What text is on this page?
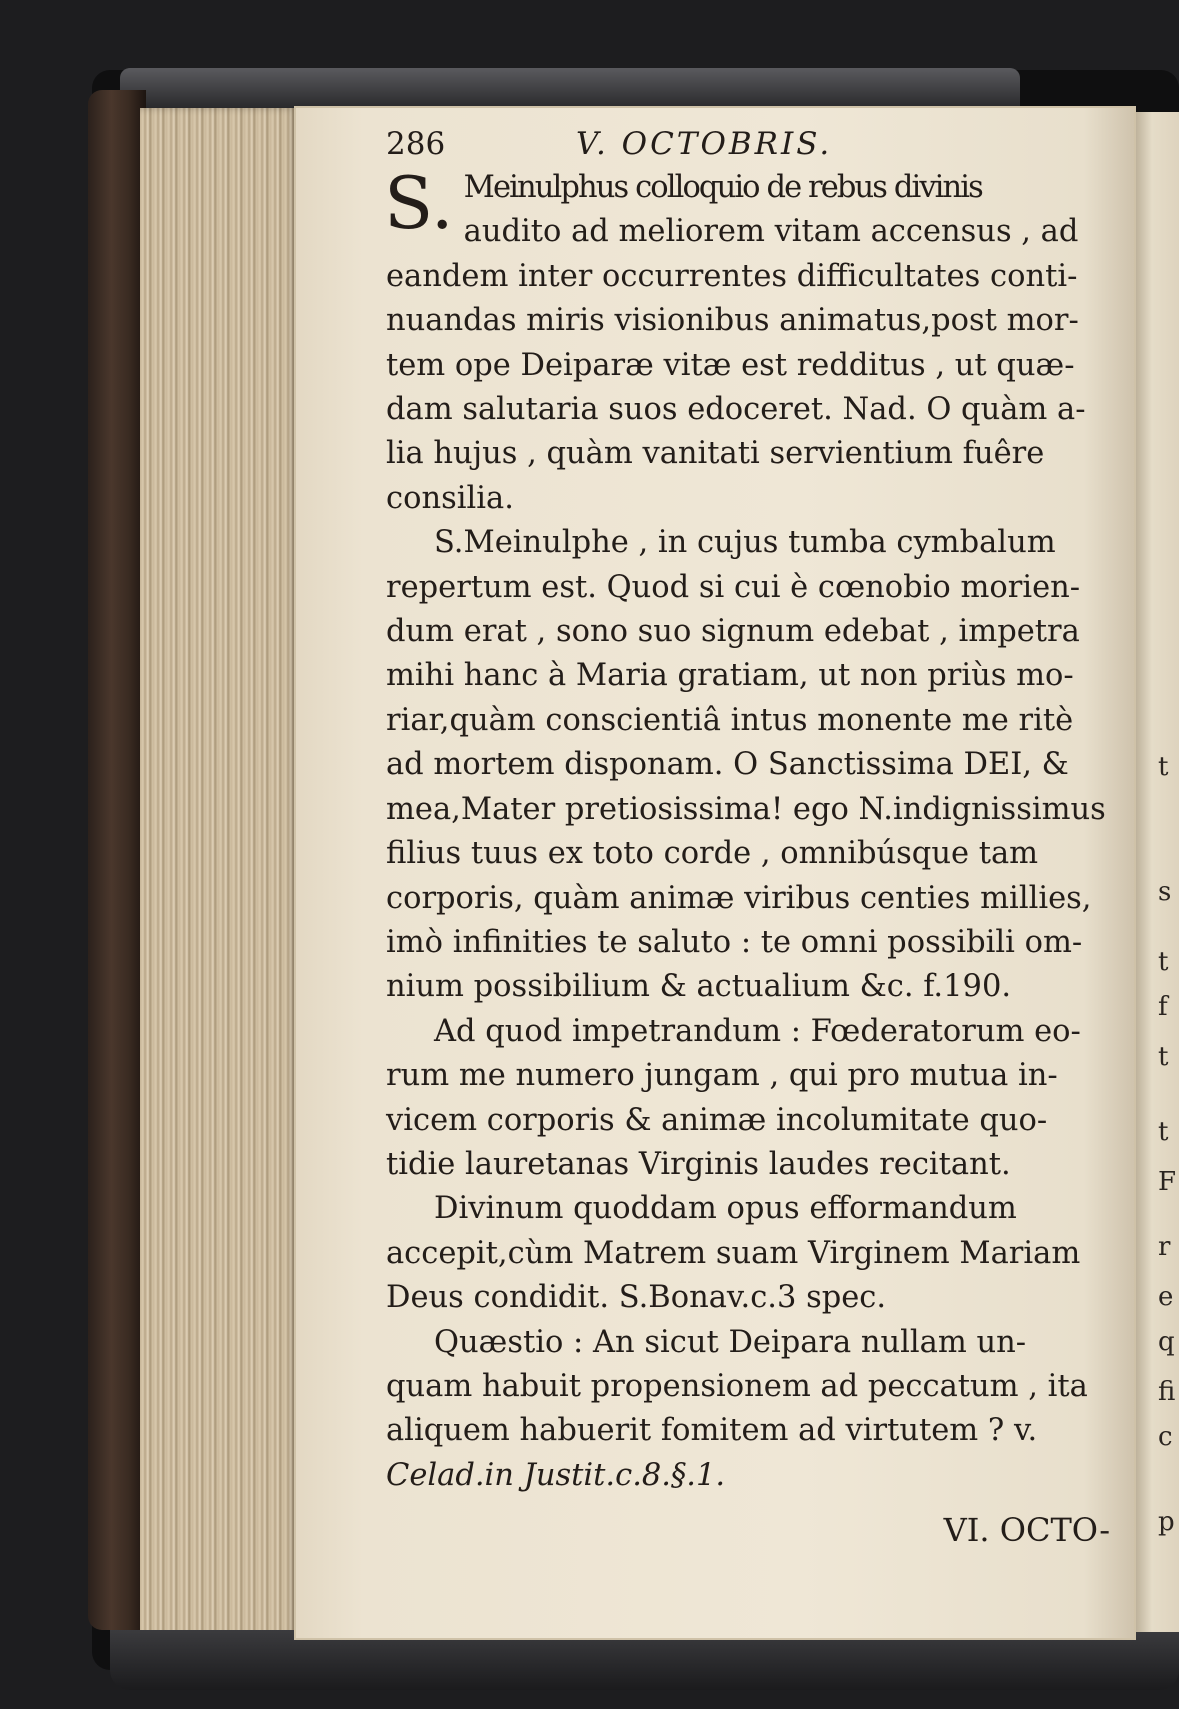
t
s
t
f
t
t
F
r
e
q
fi
c
p
286	V. OCTOBRIS.
S. Meinulphus colloquio de rebus divinis
audito ad meliorem vitam accensus , ad
eandem inter occurrentes difficultates conti-
nuandas miris visionibus animatus,post mor-
tem ope Deiparæ vitæ est redditus , ut quæ-
dam salutaria suos edoceret. Nad. O quàm a-
lia hujus , quàm vanitati servientium fuêre
consilia.
S.Meinulphe , in cujus tumba cymbalum
repertum est. Quod si cui è cœnobio morien-
dum erat , sono suo signum edebat , impetra
mihi hanc à Maria gratiam, ut non priùs mo-
riar,quàm conscientiâ intus monente me ritè
ad mortem disponam. O Sanctissima DEI, &
mea,Mater pretiosissima! ego N.indignissimus
filius tuus ex toto corde , omnibúsque tam
corporis, quàm animæ viribus centies millies,
imò infinities te saluto : te omni possibili om-
nium possibilium & actualium &c. f.190.
Ad quod impetrandum : Fœderatorum eo-
rum me numero jungam , qui pro mutua in-
vicem corporis & animæ incolumitate quo-
tidie lauretanas Virginis laudes recitant.
Divinum quoddam opus efformandum
accepit,cùm Matrem suam Virginem Mariam
Deus condidit. S.Bonav.c.3 spec.
Quæstio : An sicut Deipara nullam un-
quam habuit propensionem ad peccatum , ita
aliquem habuerit fomitem ad virtutem ? v.
Celad.in Justit.c.8.§.1.
VI. OCTO-
